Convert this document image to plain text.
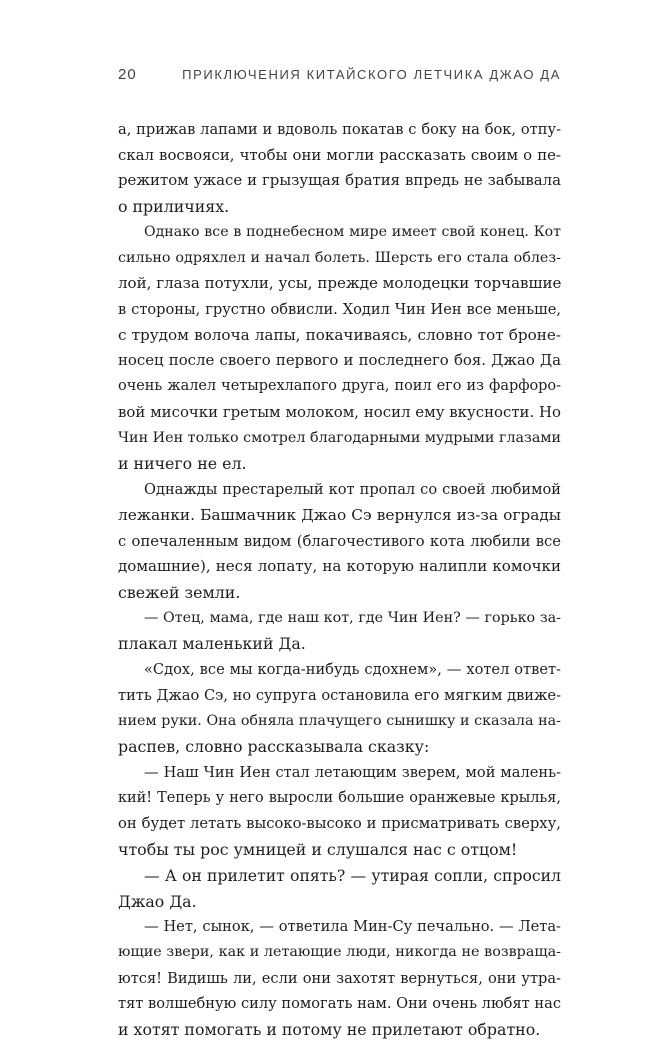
20	ПРИКЛЮЧЕНИЯ КИТАЙСКОГО ЛЕТЧИКА ДЖАО ДА
а, прижав лапами и вдоволь покатав с боку на бок, отпу-
скал восвояси, чтобы они могли рассказать своим о пе-
режитом ужасе и грызущая братия впредь не забывала
о приличиях.
Однако все в поднебесном мире имеет свой конец. Кот
сильно одряхлел и начал болеть. Шерсть его стала облез-
лой, глаза потухли, усы, прежде молодецки торчавшие
в стороны, грустно обвисли. Ходил Чин Иен все меньше,
с трудом волоча лапы, покачиваясь, словно тот броне-
носец после своего первого и последнего боя. Джао Да
очень жалел четырехлапого друга, поил его из фарфоро-
вой мисочки гретым молоком, носил ему вкусности. Но
Чин Иен только смотрел благодарными мудрыми глазами
и ничего не ел.
Однажды престарелый кот пропал со своей любимой
лежанки. Башмачник Джао Сэ вернулся из-за ограды
с опечаленным видом (благочестивого кота любили все
домашние), неся лопату, на которую налипли комочки
свежей земли.
— Отец, мама, где наш кот, где Чин Иен? — горько за-
плакал маленький Да.
«Сдох, все мы когда-нибудь сдохнем», — хотел ответ-
тить Джао Сэ, но супруга остановила его мягким движе-
нием руки. Она обняла плачущего сынишку и сказала на-
распев, словно рассказывала сказку:
— Наш Чин Иен стал летающим зверем, мой малень-
кий! Теперь у него выросли большие оранжевые крылья,
он будет летать высоко-высоко и присматривать сверху,
чтобы ты рос умницей и слушался нас с отцом!
— А он прилетит опять? — утирая сопли, спросил
Джао Да.
— Нет, сынок, — ответила Мин-Су печально. — Лета-
ющие звери, как и летающие люди, никогда не возвраща-
ются! Видишь ли, если они захотят вернуться, они утра-
тят волшебную силу помогать нам. Они очень любят нас
и хотят помогать и потому не прилетают обратно.
